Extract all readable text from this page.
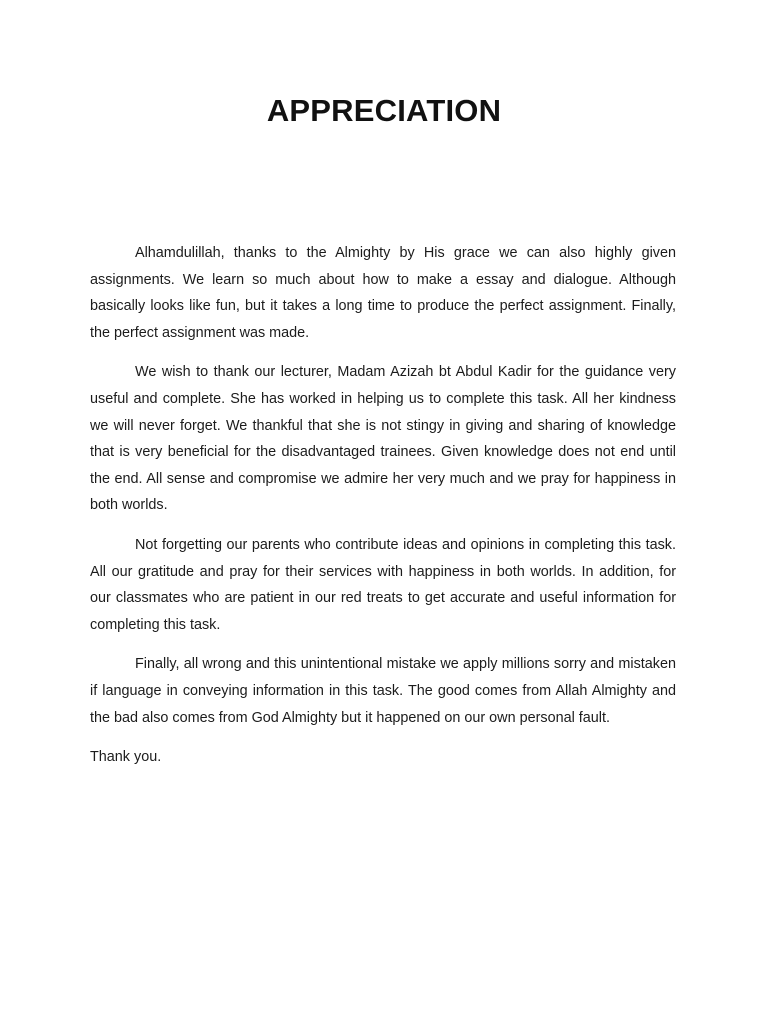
APPRECIATION

Alhamdulillah, thanks to the Almighty by His grace we can also highly given assignments. We learn so much about how to make a essay and dialogue. Although basically looks like fun, but it takes a long time to produce the perfect assignment. Finally, the perfect assignment was made.

We wish to thank our lecturer, Madam Azizah bt Abdul Kadir for the guidance very useful and complete. She has worked in helping us to complete this task. All her kindness we will never forget. We thankful that she is not stingy in giving and sharing of knowledge that is very beneficial for the disadvantaged trainees. Given knowledge does not end until the end. All sense and compromise we admire her very much and we pray for happiness in both worlds.

Not forgetting our parents who contribute ideas and opinions in completing this task. All our gratitude and pray for their services with happiness in both worlds. In addition, for our classmates who are patient in our red treats to get accurate and useful information for completing this task.

Finally, all wrong and this unintentional mistake we apply millions sorry and mistaken if language in conveying information in this task. The good comes from Allah Almighty and the bad also comes from God Almighty but it happened on our own personal fault.

Thank you.
